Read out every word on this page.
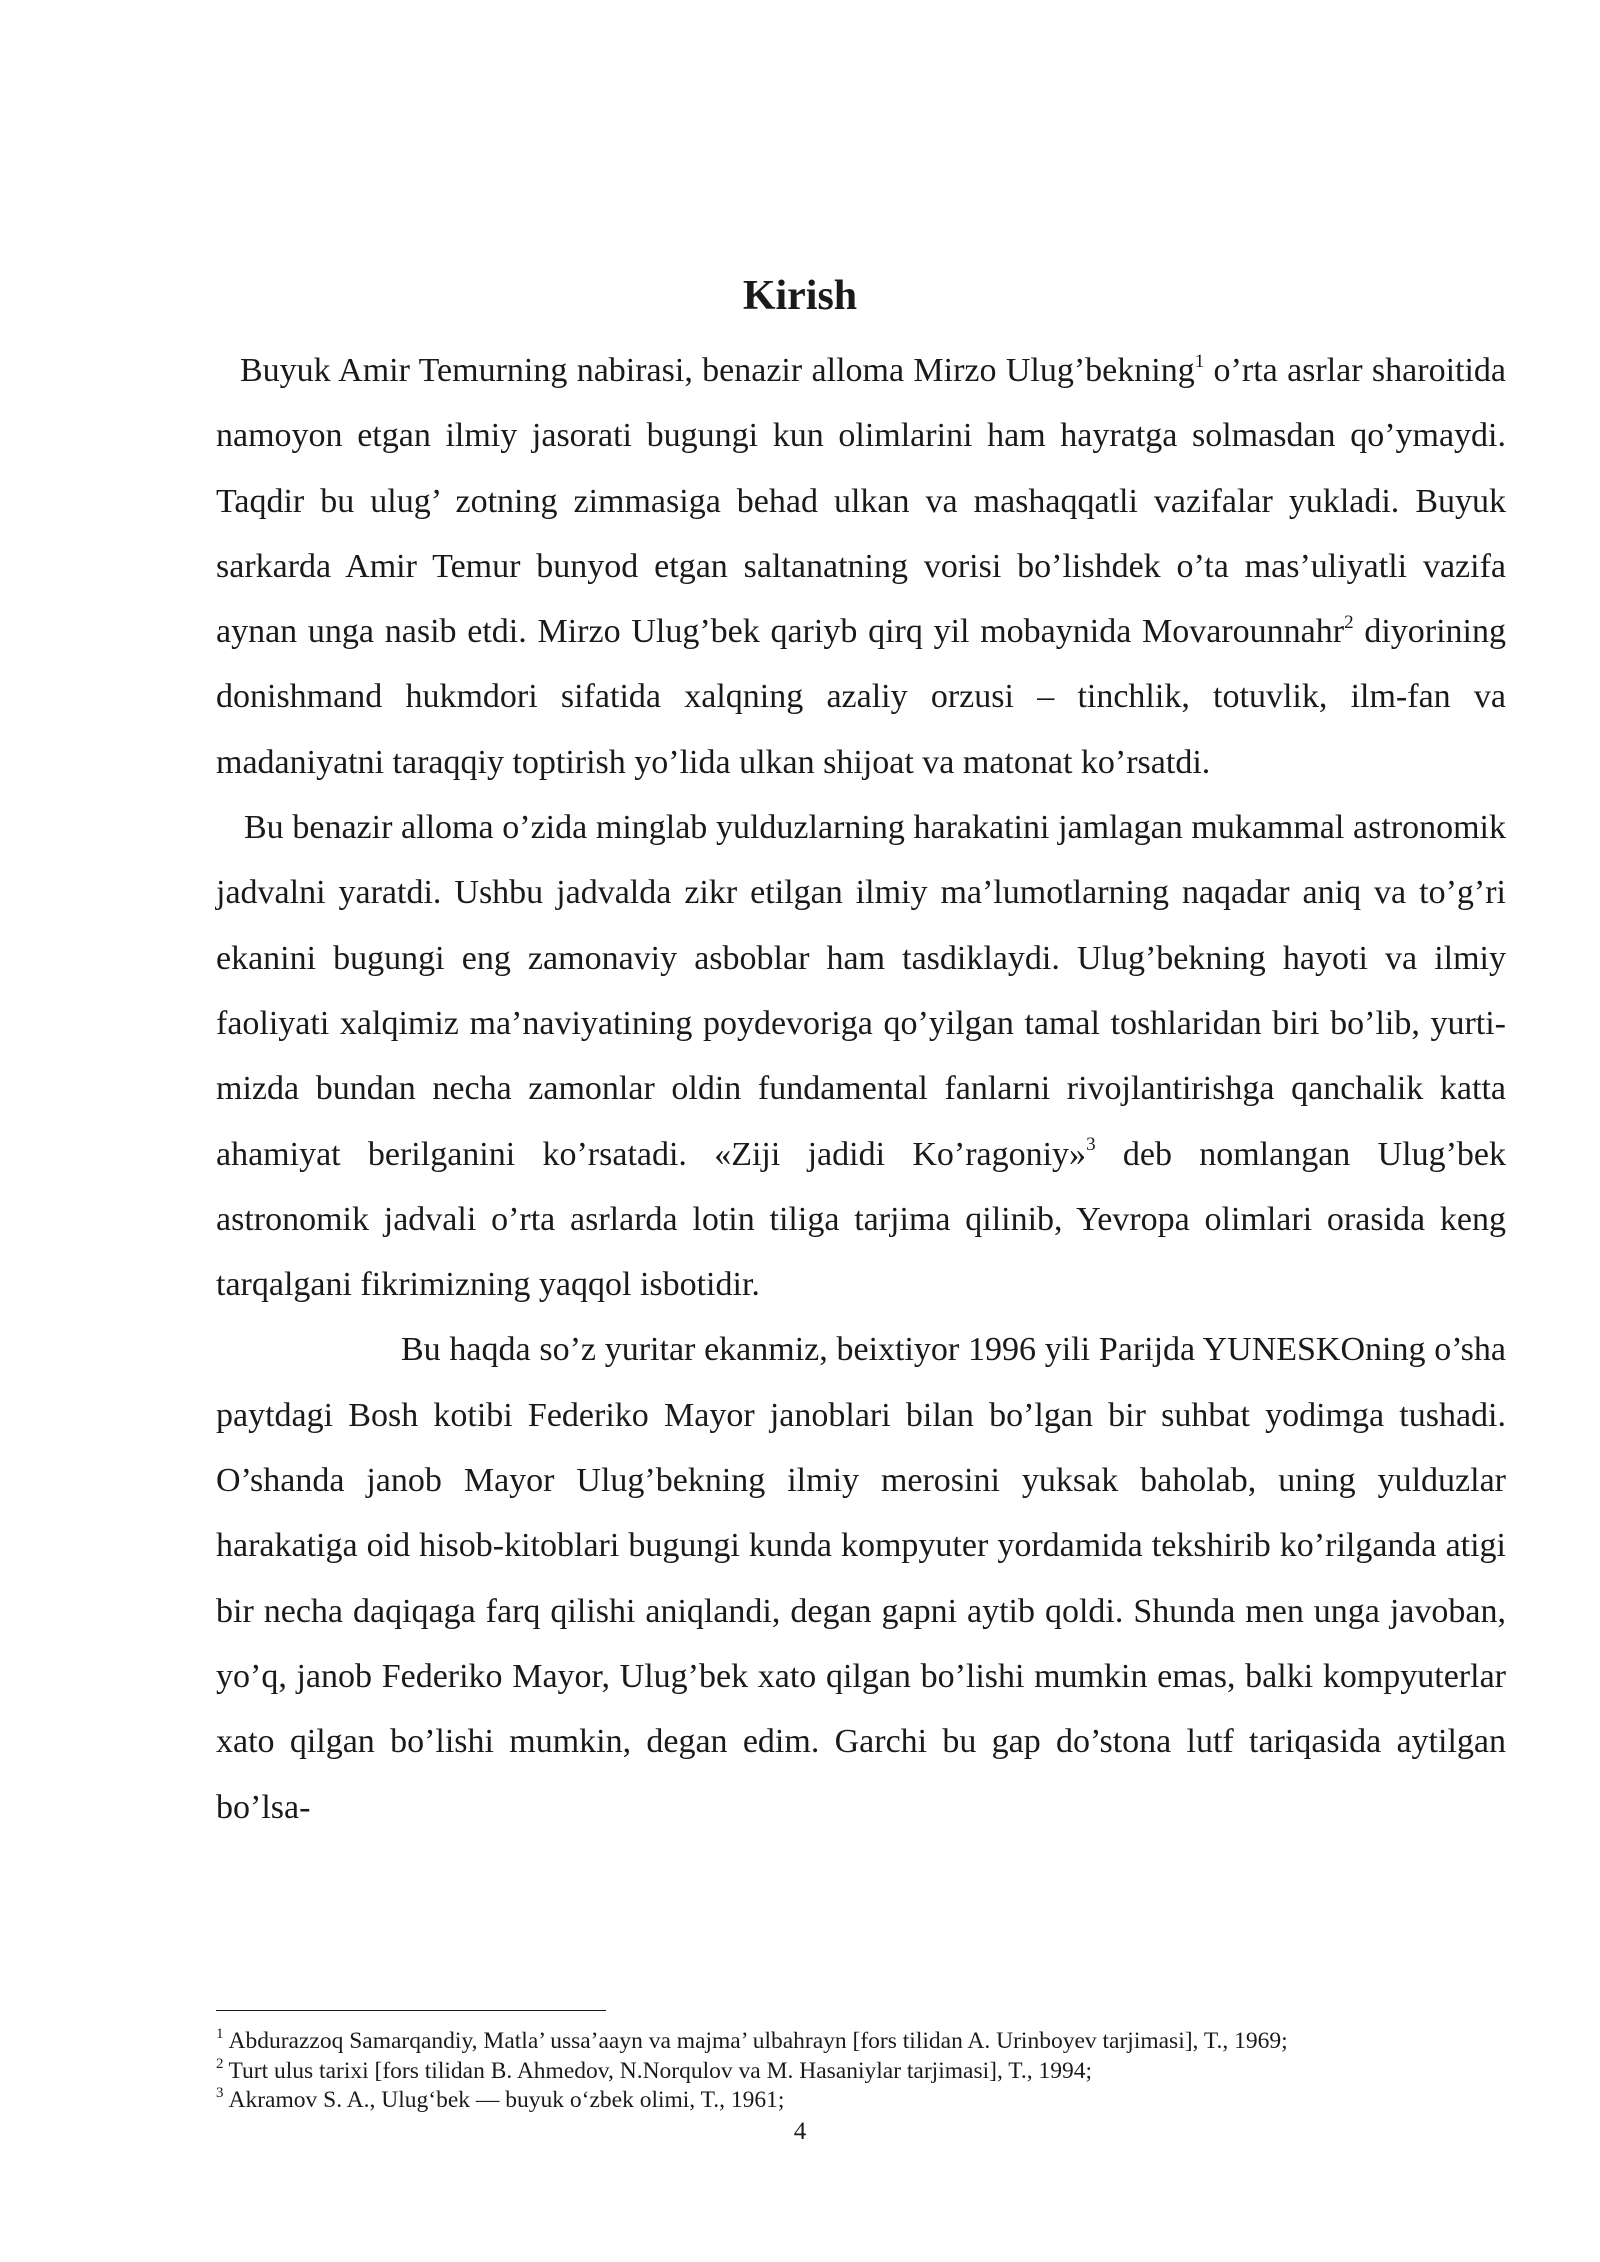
Kirish

Buyuk Amir Temurning nabirasi, benazir alloma Mirzo Ulug’bekning$^1$ o’rta asrlar sharoitida namoyon etgan ilmiy jasorati bugungi kun olimlarini ham hayratga solmasdan qo’ymaydi. Taqdir bu ulug’ zotning zimmasiga behad ulkan va mashaqqatli vazifalar yukladi. Buyuk sarkarda Amir Temur bunyod etgan saltanatning vorisi bo’lishdek o’ta mas’uliyatli vazifa aynan unga nasib etdi. Mirzo Ulug’bek qariyb qirq yil mobaynida Movarounnahr$^2$ diyorining donishmand hukmdori sifatida xalqning azaliy orzusi – tinchlik, totuvlik, ilm-fan va madaniyatni taraqqiy toptirish yo’lida ulkan shijoat va matonat ko’rsatdi.

Bu benazir alloma o’zida minglab yulduzlarning harakatini jamlagan mukammal astronomik jadvalni yaratdi. Ushbu jadvalda zikr etilgan ilmiy ma’lumotlarning naqadar aniq va to’g’ri ekanini bugungi eng zamonaviy asboblar ham tasdiklaydi. Ulug’bekning hayoti va ilmiy faoliyati xalqimiz ma’naviyatining poydevoriga qo’yilgan tamal toshlaridan biri bo’lib, yurti-mizda bundan necha zamonlar oldin fundamental fanlarni rivojlantirishga qanchalik katta ahamiyat berilganini ko’rsatadi. «Ziji jadidi Ko’ragoniy»$^3$ deb nomlangan Ulug’bek astronomik jadvali o’rta asrlarda lotin tiliga tarjima qilinib, Yevropa olimlari orasida keng tarqalgani fikrimizning yaqqol isbotidir.

Bu haqda so’z yuritar ekanmiz, beixtiyor 1996 yili Parijda YUNESKOning o’sha paytdagi Bosh kotibi Federiko Mayor janoblari bilan bo’lgan bir suhbat yodimga tushadi. O’shanda janob Mayor Ulug’bekning ilmiy merosini yuksak baholab, uning yulduzlar harakatiga oid hisob-kitoblari bugungi kunda kompyuter yordamida tekshirib ko’rilganda atigi bir necha daqiqaga farq qilishi aniqlandi, degan gapni aytib qoldi. Shunda men unga javoban, yo’q, janob Federiko Mayor, Ulug’bek xato qilgan bo’lishi mumkin emas, balki kompyuterlar xato qilgan bo’lishi mumkin, degan edim. Garchi bu gap do’stona lutf tariqasida aytilgan bo’lsa-

$^1$ Abdurazzoq Samarqandiy, Matla’ ussa’aayn va majma’ ulbahrayn [fors tilidan A. Urinboyev tarjimasi], T., 1969;

$^2$ Turt ulus tarixi [fors tilidan B. Ahmedov, N.Norqulov va M. Hasaniylar tarjimasi], T., 1994;

$^3$ Akramov S. A., Ulug‘bek — buyuk o‘zbek olimi, T., 1961;

4
